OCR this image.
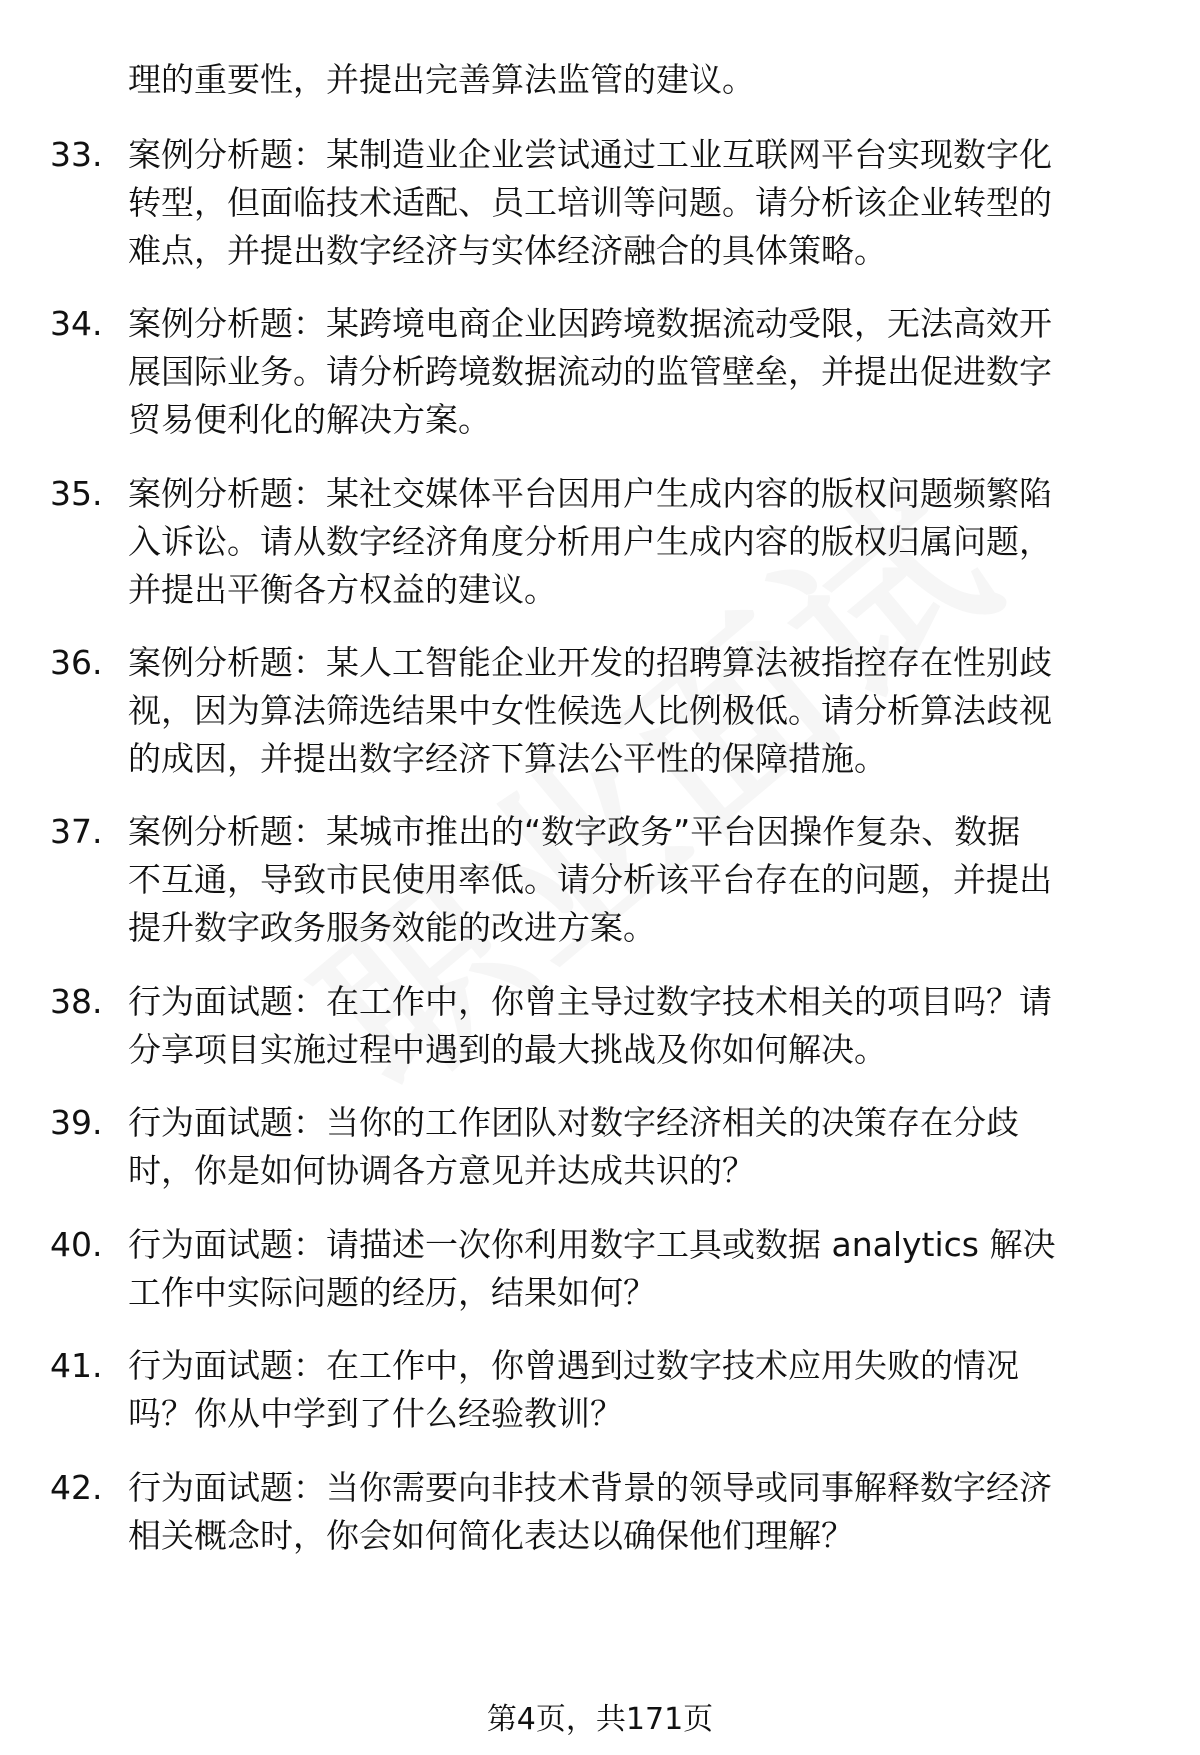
理的重要性，并提出完善算法监管的建议。
33. 案例分析题：某制造业企业尝试通过工业互联网平台实现数字化
转型，但面临技术适配、员工培训等问题。请分析该企业转型的
难点，并提出数字经济与实体经济融合的具体策略。
34. 案例分析题：某跨境电商企业因跨境数据流动受限，无法高效开
展国际业务。请分析跨境数据流动的监管壁垒，并提出促进数字
贸易便利化的解决方案。
35. 案例分析题：某社交媒体平台因用户生成内容的版权问题频繁陷
入诉讼。请从数字经济角度分析用户生成内容的版权归属问题，
并提出平衡各方权益的建议。
36. 案例分析题：某人工智能企业开发的招聘算法被指控存在性别歧
视，因为算法筛选结果中女性候选人比例极低。请分析算法歧视
的成因，并提出数字经济下算法公平性的保障措施。
37. 案例分析题：某城市推出的“数字政务”平台因操作复杂、数据
不互通，导致市民使用率低。请分析该平台存在的问题，并提出
提升数字政务服务效能的改进方案。
38. 行为面试题：在工作中，你曾主导过数字技术相关的项目吗？请
分享项目实施过程中遇到的最大挑战及你如何解决。
39. 行为面试题：当你的工作团队对数字经济相关的决策存在分歧
时，你是如何协调各方意见并达成共识的？
40. 行为面试题：请描述一次你利用数字工具或数据 analytics 解决
工作中实际问题的经历，结果如何？
41. 行为面试题：在工作中，你曾遇到过数字技术应用失败的情况
吗？你从中学到了什么经验教训？
42. 行为面试题：当你需要向非技术背景的领导或同事解释数字经济
相关概念时，你会如何简化表达以确保他们理解？
第4页，共171页
